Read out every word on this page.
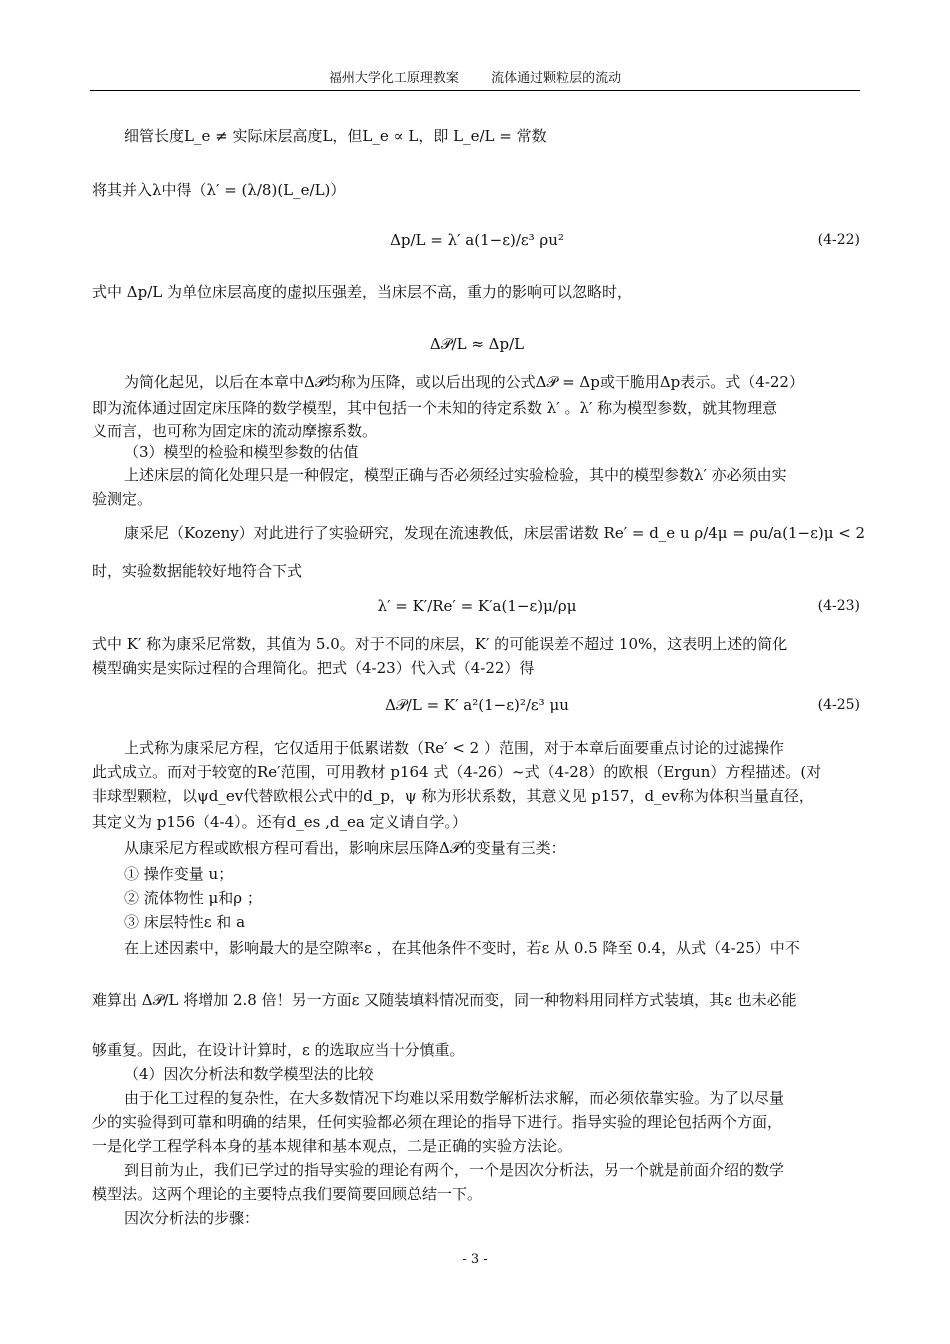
福州大学化工原理教案 流体通过颗粒层的流动
细管长度L_e ≠ 实际床层高度L，但L_e ∝ L，即 L_e/L = 常数
将其并入λ中得（λ′ = (λ/8)(L_e/L)）
Δp/L = λ′ a(1−ε)/ε³ ρu²	(4-22)
式中 Δp/L 为单位床层高度的虚拟压强差，当床层不高，重力的影响可以忽略时，
Δ𝒫/L ≈ Δp/L
为简化起见，以后在本章中Δ𝒫均称为压降，或以后出现的公式Δ𝒫 = Δp或干脆用Δp表示。式（4-22）
即为流体通过固定床压降的数学模型，其中包括一个未知的待定系数 λ′ 。λ′ 称为模型参数，就其物理意
义而言，也可称为固定床的流动摩擦系数。
（3）模型的检验和模型参数的估值
上述床层的简化处理只是一种假定，模型正确与否必须经过实验检验，其中的模型参数λ′ 亦必须由实
验测定。
康采尼（Kozeny）对此进行了实验研究，发现在流速教低，床层雷诺数 Re′ = d_e u ρ/4μ = ρu/a(1−ε)μ < 2
时，实验数据能较好地符合下式
λ′ = K′/Re′ = K′a(1−ε)μ/ρμ	(4-23)
式中 K′ 称为康采尼常数，其值为 5.0。对于不同的床层，K′ 的可能误差不超过 10%，这表明上述的简化
模型确实是实际过程的合理简化。把式（4-23）代入式（4-22）得
Δ𝒫/L = K′ a²(1−ε)²/ε³ μu	(4-25)
上式称为康采尼方程，它仅适用于低累诺数（Re′ < 2 ）范围，对于本章后面要重点讨论的过滤操作
此式成立。而对于较宽的Re′范围，可用教材 p164 式（4-26）~式（4-28）的欧根（Ergun）方程描述。(对
非球型颗粒，以ψd_ev代替欧根公式中的d_p，ψ 称为形状系数，其意义见 p157，d_ev称为体积当量直径，
其定义为 p156（4-4）。还有d_es ,d_ea 定义请自学。）
从康采尼方程或欧根方程可看出，影响床层压降Δ𝒫的变量有三类：
① 操作变量 u；
② 流体物性 μ和ρ ；
③ 床层特性ε 和 a
在上述因素中，影响最大的是空隙率ε ，在其他条件不变时，若ε 从 0.5 降至 0.4，从式（4-25）中不
难算出 Δ𝒫/L 将增加 2.8 倍！另一方面ε 又随装填料情况而变，同一种物料用同样方式装填，其ε 也未必能
够重复。因此，在设计计算时，ε 的选取应当十分慎重。
（4）因次分析法和数学模型法的比较
由于化工过程的复杂性，在大多数情况下均难以采用数学解析法求解，而必须依靠实验。为了以尽量
少的实验得到可靠和明确的结果，任何实验都必须在理论的指导下进行。指导实验的理论包括两个方面，
一是化学工程学科本身的基本规律和基本观点，二是正确的实验方法论。
到目前为止，我们已学过的指导实验的理论有两个，一个是因次分析法，另一个就是前面介绍的数学
模型法。这两个理论的主要特点我们要简要回顾总结一下。
因次分析法的步骤：
- 3 -
